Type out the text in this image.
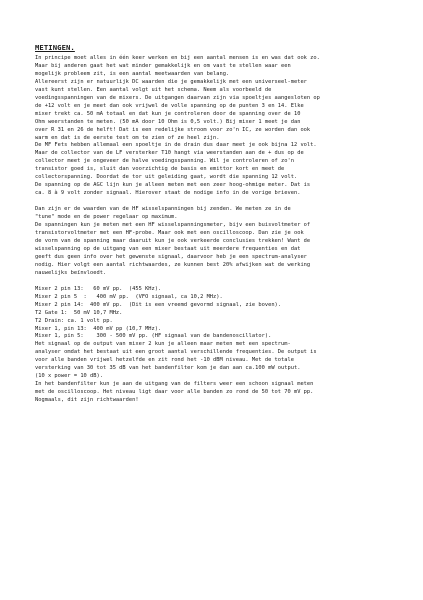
METINGEN.
In principe moet alles in één keer werken en bij een aantal mensen is en was dat ook zo.
Maar bij anderen gaat het wat minder gemakkelijk en om vast te stellen waar een
mogelijk probleem zit, is een aantal meetwaarden van belang.
Allereerst zijn er natuurlijk DC waarden die je gemakkelijk met een universeel-meter
vast kunt stellen. Een aantal volgt uit het schema. Neem als voorbeeld de
voedingsspanningen van de mixers. De uitgangen daarvan zijn via spoeltjes aangesloten op
de +12 volt en je meet dan ook vrijwel de volle spanning op de punten 3 en 14. Elke
mixer trekt ca. 50 mA totaal en dat kun je controleren door de spanning over de 10
Ohm weerstanden te meten. (50 mA door 10 Ohm is 0,5 volt.) Bij mixer 1 meet je dan
over R 31 en 26 de helft! Dat is een redelijke stroom voor zo'n IC, ze worden dan ook
warm en dat is de eerste test om te zien of ze heel zijn.
De MF Fets hebben allemaal een spoeltje in de drain dus daar meet je ook bijna 12 volt.
Maar de collector van de LF versterker T10 hangt via weerstanden aan de + dus op de
collector meet je ongeveer de halve voedingsspanning. Wil je controleren of zo'n
transistor goed is, sluit dan voorzichtig de basis en emittor kort en meet de
collectorspanning. Doordat de tor uit geleiding gaat, wordt die spanning 12 volt.
De spanning op de AGC lijn kun je alleen meten met een zeer hoog-ohmige meter. Dat is
ca. 8 à 9 volt zonder signaal. Hierover staat de nodige info in de vorige brieven.
Dan zijn er de waarden van de HF wisselspanningen bij zenden. We meten ze in de
"tune" mode en de power regelaar op maximum.
De spanningen kun je meten met een HF wisselspanningsmeter, bijv een buisvoltmeter of
transistorvoltmeter met een HF-probe. Maar ook met een oscilloscoop. Dan zie je ook
de vorm van de spanning maar daaruit kun je ook verkeerde conclusies trekken! Want de
wisselspanning op de uitgang van een mixer bestaat uit meerdere frequenties en dat
geeft dus geen info over het gewenste signaal, daarvoor heb je een spectrum-analyser
nodig. Hier volgt een aantal richtwaardes, ze kunnen best 20% afwijken wat de werking
nauwelijks beïnvloedt.
Mixer 2 pin 13:   60 mV pp.  (455 KHz).
Mixer 2 pin 5  :   400 mV pp.  (VFO signaal, ca 10,2 MHz).
Mixer 2 pin 14:  400 mV pp.  (Dit is een vreemd gevormd signaal, zie boven).
T2 Gate 1:  50 mV 10,7 MHz.
T2 Drain: ca. 1 volt pp.
Mixer 1, pin 13:  400 mV pp (10,7 MHz).
Mixer 1, pin 5:    300 - 500 mV pp. (HF signaal van de bandenoscillator).
Het signaal op de output van mixer 2 kun je alleen maar meten met een spectrum-
analyser omdat het bestaat uit een groot aantal verschillende frequenties. De output is
voor alle banden vrijwel hetzelfde en zit rond het -10 dBM niveau. Met de totale
versterking van 30 tot 35 dB van het bandenfilter kom je dan aan ca.100 mW output.
(10 x power = 10 dB).
In het bandenfilter kun je aan de uitgang van de filters weer een schoon signaal meten
met de oscilloscoop. Het niveau ligt daar voor alle banden zo rond de 50 tot 70 mV pp.
Nogmaals, dit zijn richtwaarden!
